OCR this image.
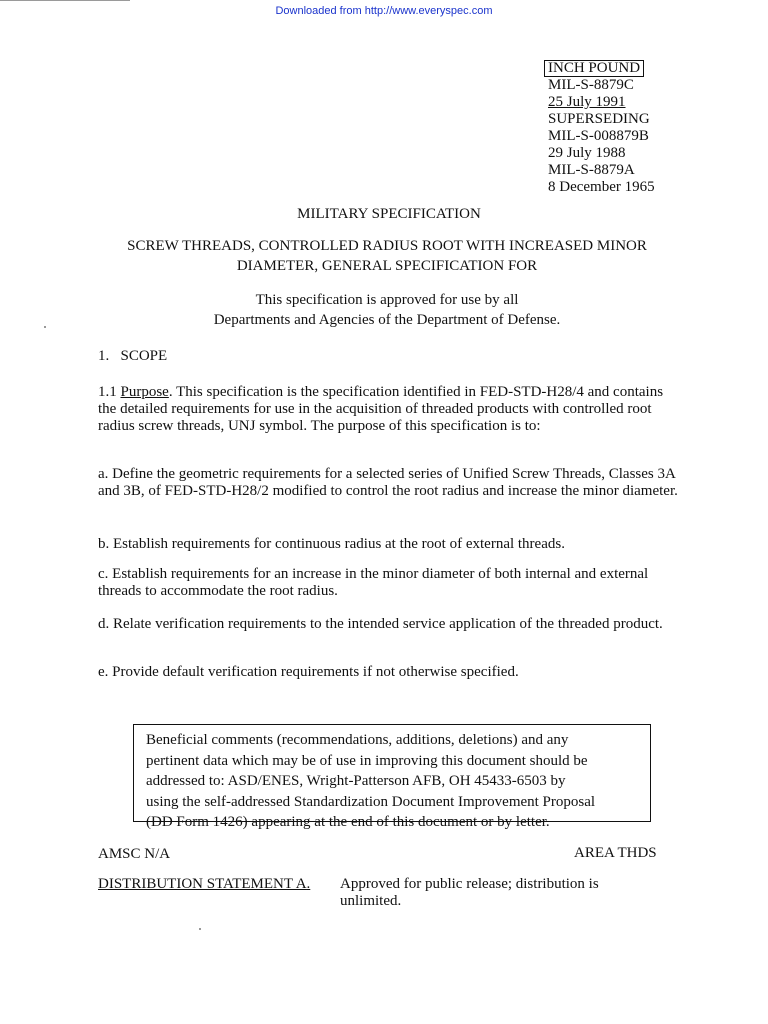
Downloaded from http://www.everyspec.com
INCH POUND
MIL-S-8879C
25 July 1991
SUPERSEDING
MIL-S-008879B
29 July 1988
MIL-S-8879A
8 December 1965
MILITARY SPECIFICATION
SCREW THREADS, CONTROLLED RADIUS ROOT WITH INCREASED MINOR
DIAMETER, GENERAL SPECIFICATION FOR
This specification is approved for use by all
Departments and Agencies of the Department of Defense.
1. SCOPE
1.1 Purpose. This specification is the specification identified in FED-STD-H28/4 and contains the detailed requirements for use in the acquisition of threaded products with controlled root radius screw threads, UNJ symbol. The purpose of this specification is to:
a. Define the geometric requirements for a selected series of Unified Screw Threads, Classes 3A and 3B, of FED-STD-H28/2 modified to control the root radius and increase the minor diameter.
b. Establish requirements for continuous radius at the root of external threads.
c. Establish requirements for an increase in the minor diameter of both internal and external threads to accommodate the root radius.
d. Relate verification requirements to the intended service application of the threaded product.
e. Provide default verification requirements if not otherwise specified.
Beneficial comments (recommendations, additions, deletions) and any
pertinent data which may be of use in improving this document should be
addressed to: ASD/ENES, Wright-Patterson AFB, OH 45433-6503 by
using the self-addressed Standardization Document Improvement Proposal
(DD Form 1426) appearing at the end of this document or by letter.
AMSC N/A	AREA THDS
DISTRIBUTION STATEMENT A. Approved for public release; distribution is unlimited.
